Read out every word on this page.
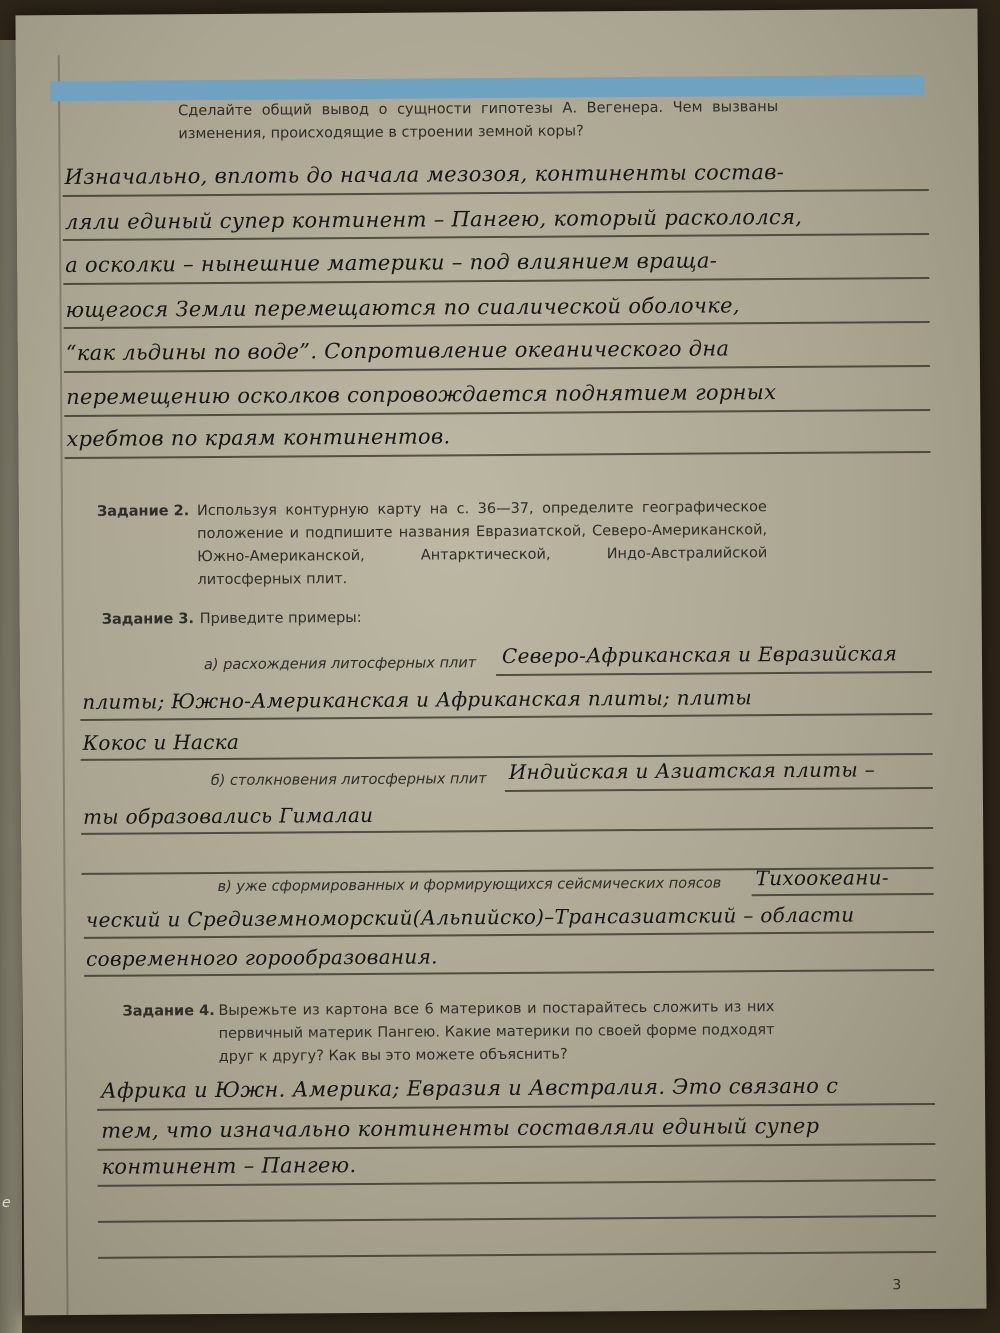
е
Сделайте общий вывод о сущности гипотезы А. Вегенера. Чем вызваны изменения, происходящие в строении земной коры?
Изначально, вплоть до начала мезозоя, континенты состав-
ляли единый супер континент – Пангею, который раскололся,
а осколки – нынешние материки – под влиянием враща-
ющегося Земли перемещаются по сиалической оболочке,
“как льдины по воде”. Сопротивление океанического дна
перемещению осколков сопровождается поднятием горных
хребтов по краям континентов.
Задание 2. Используя контурную карту на с. 36—37, определите географическое положение и подпишите названия Евразиатской, Северо-Американской, Южно-Американской, Антарктической, Индо-Австралийской литосферных плит.
Задание 3. Приведите примеры:
а) расхождения литосферных плит Северо-Африканская и Евразийская
плиты; Южно-Американская и Африканская плиты; плиты
Кокос и Наска
б) столкновения литосферных плит Индийская и Азиатская плиты –
ты образовались Гималаи
в) уже сформированных и формирующихся сейсмических поясов Тихоокеани-
ческий и Средиземноморский(Альпийско)–Трансазиатский – области
современного горообразования.
Задание 4. Вырежьте из картона все 6 материков и постарайтесь сложить из них первичный материк Пангею. Какие материки по своей форме подходят друг к другу? Как вы это можете объяснить?
Африка и Южн. Америка; Евразия и Австралия. Это связано с
тем, что изначально континенты составляли единый супер
континент – Пангею.
3
